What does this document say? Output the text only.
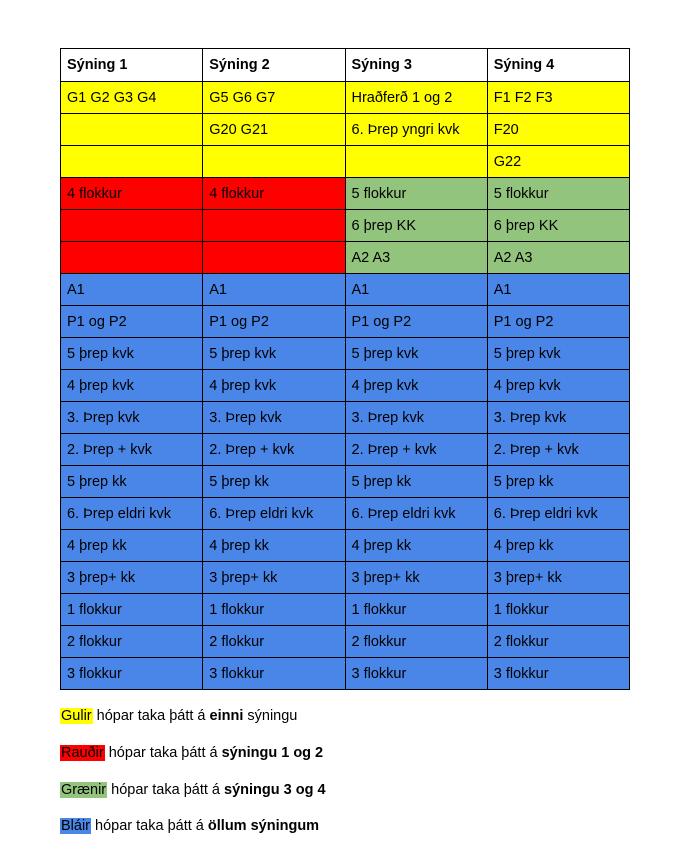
Sýning 1	Sýning 2	Sýning 3	Sýning 4
G1 G2 G3 G4	G5 G6 G7	Hraðferð 1 og 2	F1 F2 F3
	G20 G21	6. Þrep yngri kvk	F20
			G22
4 flokkur	4 flokkur	5 flokkur	5 flokkur
		6 þrep KK	6 þrep KK
		A2 A3	A2 A3
A1	A1	A1	A1
P1 og P2	P1 og P2	P1 og P2	P1 og P2
5 þrep kvk	5 þrep kvk	5 þrep kvk	5 þrep kvk
4 þrep kvk	4 þrep kvk	4 þrep kvk	4 þrep kvk
3. Þrep kvk	3. Þrep kvk	3. Þrep kvk	3. Þrep kvk
2. Þrep + kvk	2. Þrep + kvk	2. Þrep + kvk	2. Þrep + kvk
5 þrep kk	5 þrep kk	5 þrep kk	5 þrep kk
6. Þrep eldri kvk	6. Þrep eldri kvk	6. Þrep eldri kvk	6. Þrep eldri kvk
4 þrep kk	4 þrep kk	4 þrep kk	4 þrep kk
3 þrep+ kk	3 þrep+ kk	3 þrep+ kk	3 þrep+ kk
1 flokkur	1 flokkur	1 flokkur	1 flokkur
2 flokkur	2 flokkur	2 flokkur	2 flokkur
3 flokkur	3 flokkur	3 flokkur	3 flokkur
Gulir hópar taka þátt á einni sýningu
Rauðir hópar taka þátt á sýningu 1 og 2
Grænir hópar taka þátt á sýningu 3 og 4
Bláir hópar taka þátt á öllum sýningum
